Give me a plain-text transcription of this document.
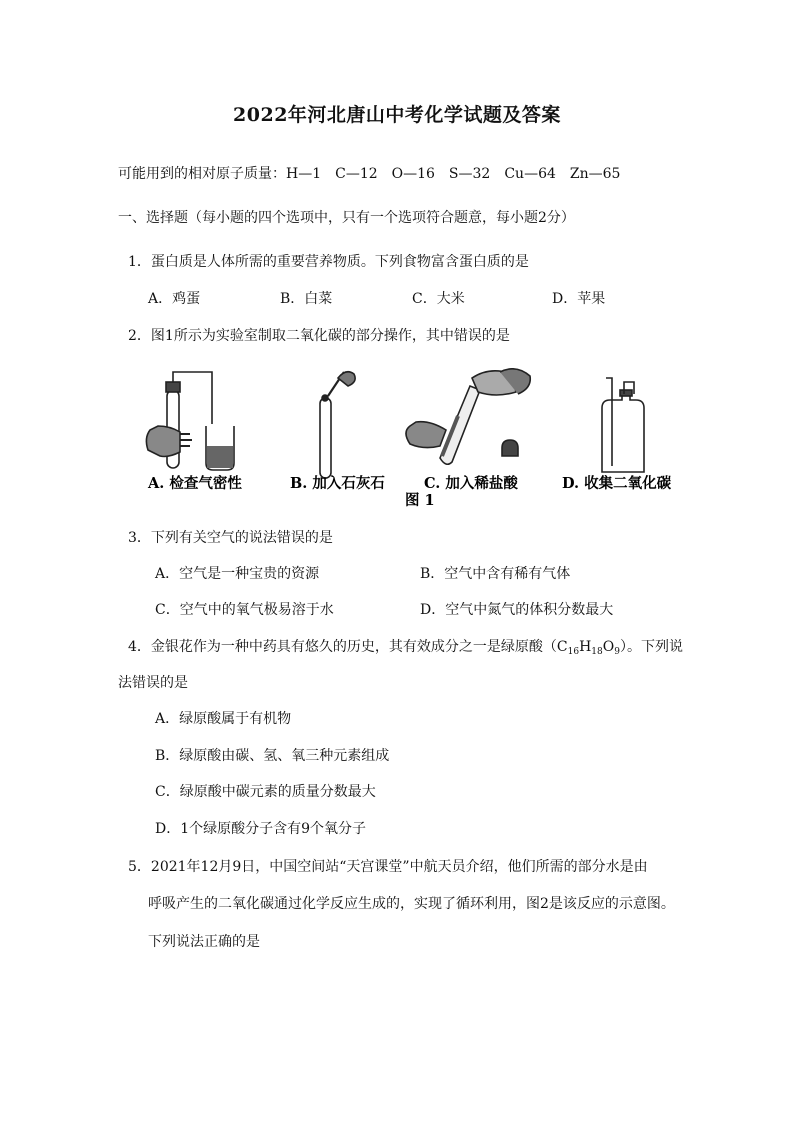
2022年河北唐山中考化学试题及答案
可能用到的相对原子质量：H—1　C—12　O—16　S—32　Cu—64　Zn—65
一、选择题（每小题的四个选项中，只有一个选项符合题意，每小题2分）
1．蛋白质是人体所需的重要营养物质。下列食物富含蛋白质的是
A．鸡蛋	B．白菜	C．大米	D．苹果
2．图1所示为实验室制取二氧化碳的部分操作，其中错误的是
A. 检查气密性	B. 加入石灰石	C. 加入稀盐酸	D. 收集二氧化碳
图 1
3．下列有关空气的说法错误的是
A．空气是一种宝贵的资源	B．空气中含有稀有气体
C．空气中的氧气极易溶于水	D．空气中氮气的体积分数最大
4．金银花作为一种中药具有悠久的历史，其有效成分之一是绿原酸$(C_{16}H_{18}O_9)$。下列说
法错误的是
A．绿原酸属于有机物
B．绿原酸由碳、氢、氧三种元素组成
C．绿原酸中碳元素的质量分数最大
D．1个绿原酸分子含有9个氧分子
5．2021年12月9日，中国空间站“天宫课堂”中航天员介绍，他们所需的部分水是由
呼吸产生的二氧化碳通过化学反应生成的，实现了循环利用，图2是该反应的示意图。
下列说法正确的是
